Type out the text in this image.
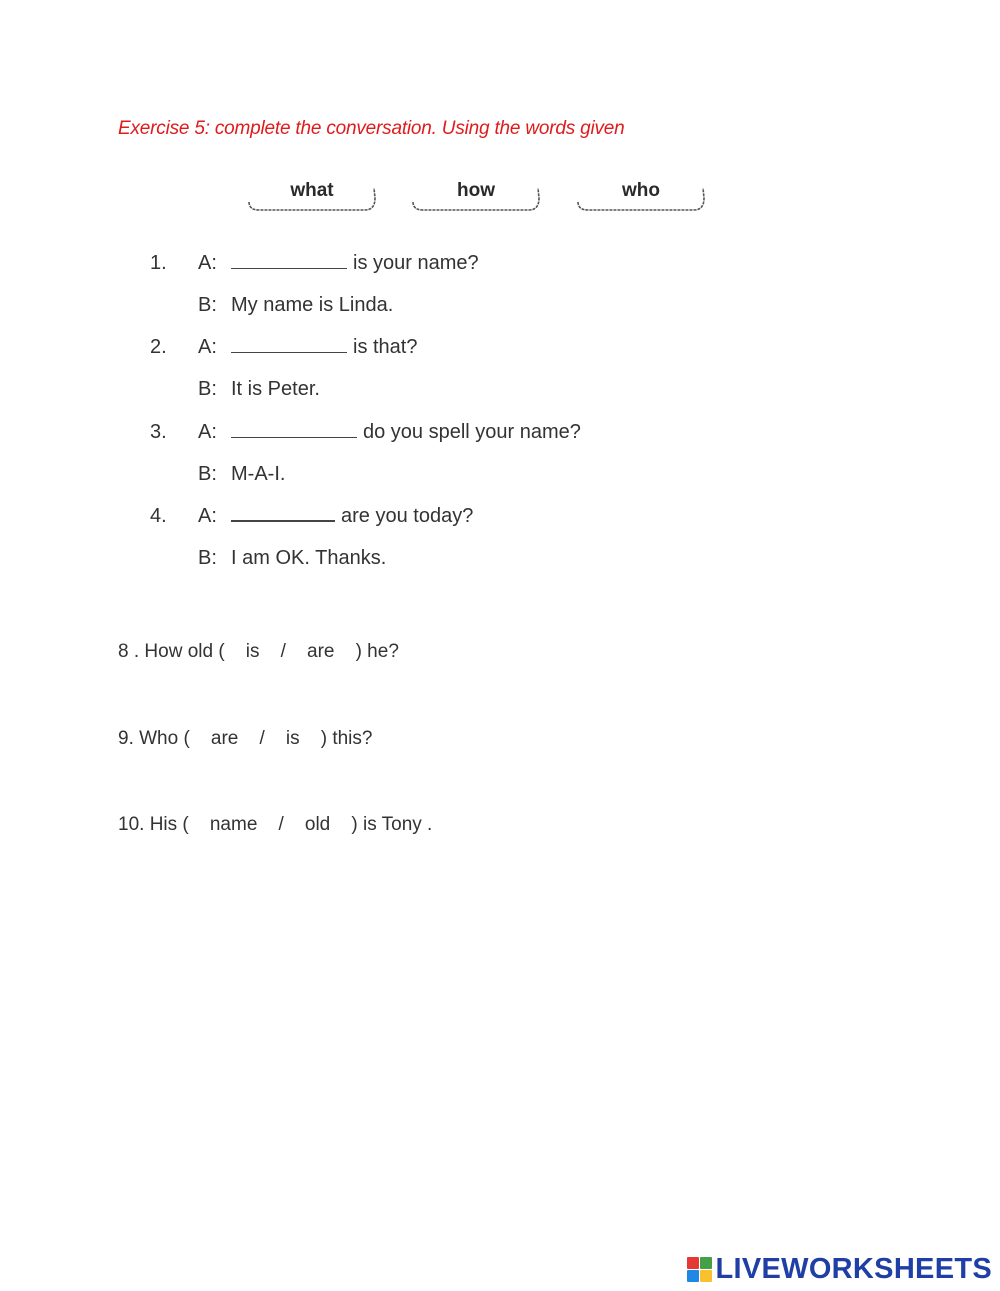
Exercise 5: complete the conversation. Using the words given
what	how	who
1.	A:	is your name?
B: My name is Linda.
2.	A:	is that?
B: It is Peter.
3.	A:	do you spell your name?
B: M-A-I.
4.	A:	are you today?
B: I am OK. Thanks.
8 . How old (    is    /    are    ) he?
9. Who (    are    /    is    ) this?
10. His (    name    /    old    ) is Tony .
LIVEWORKSHEETS
